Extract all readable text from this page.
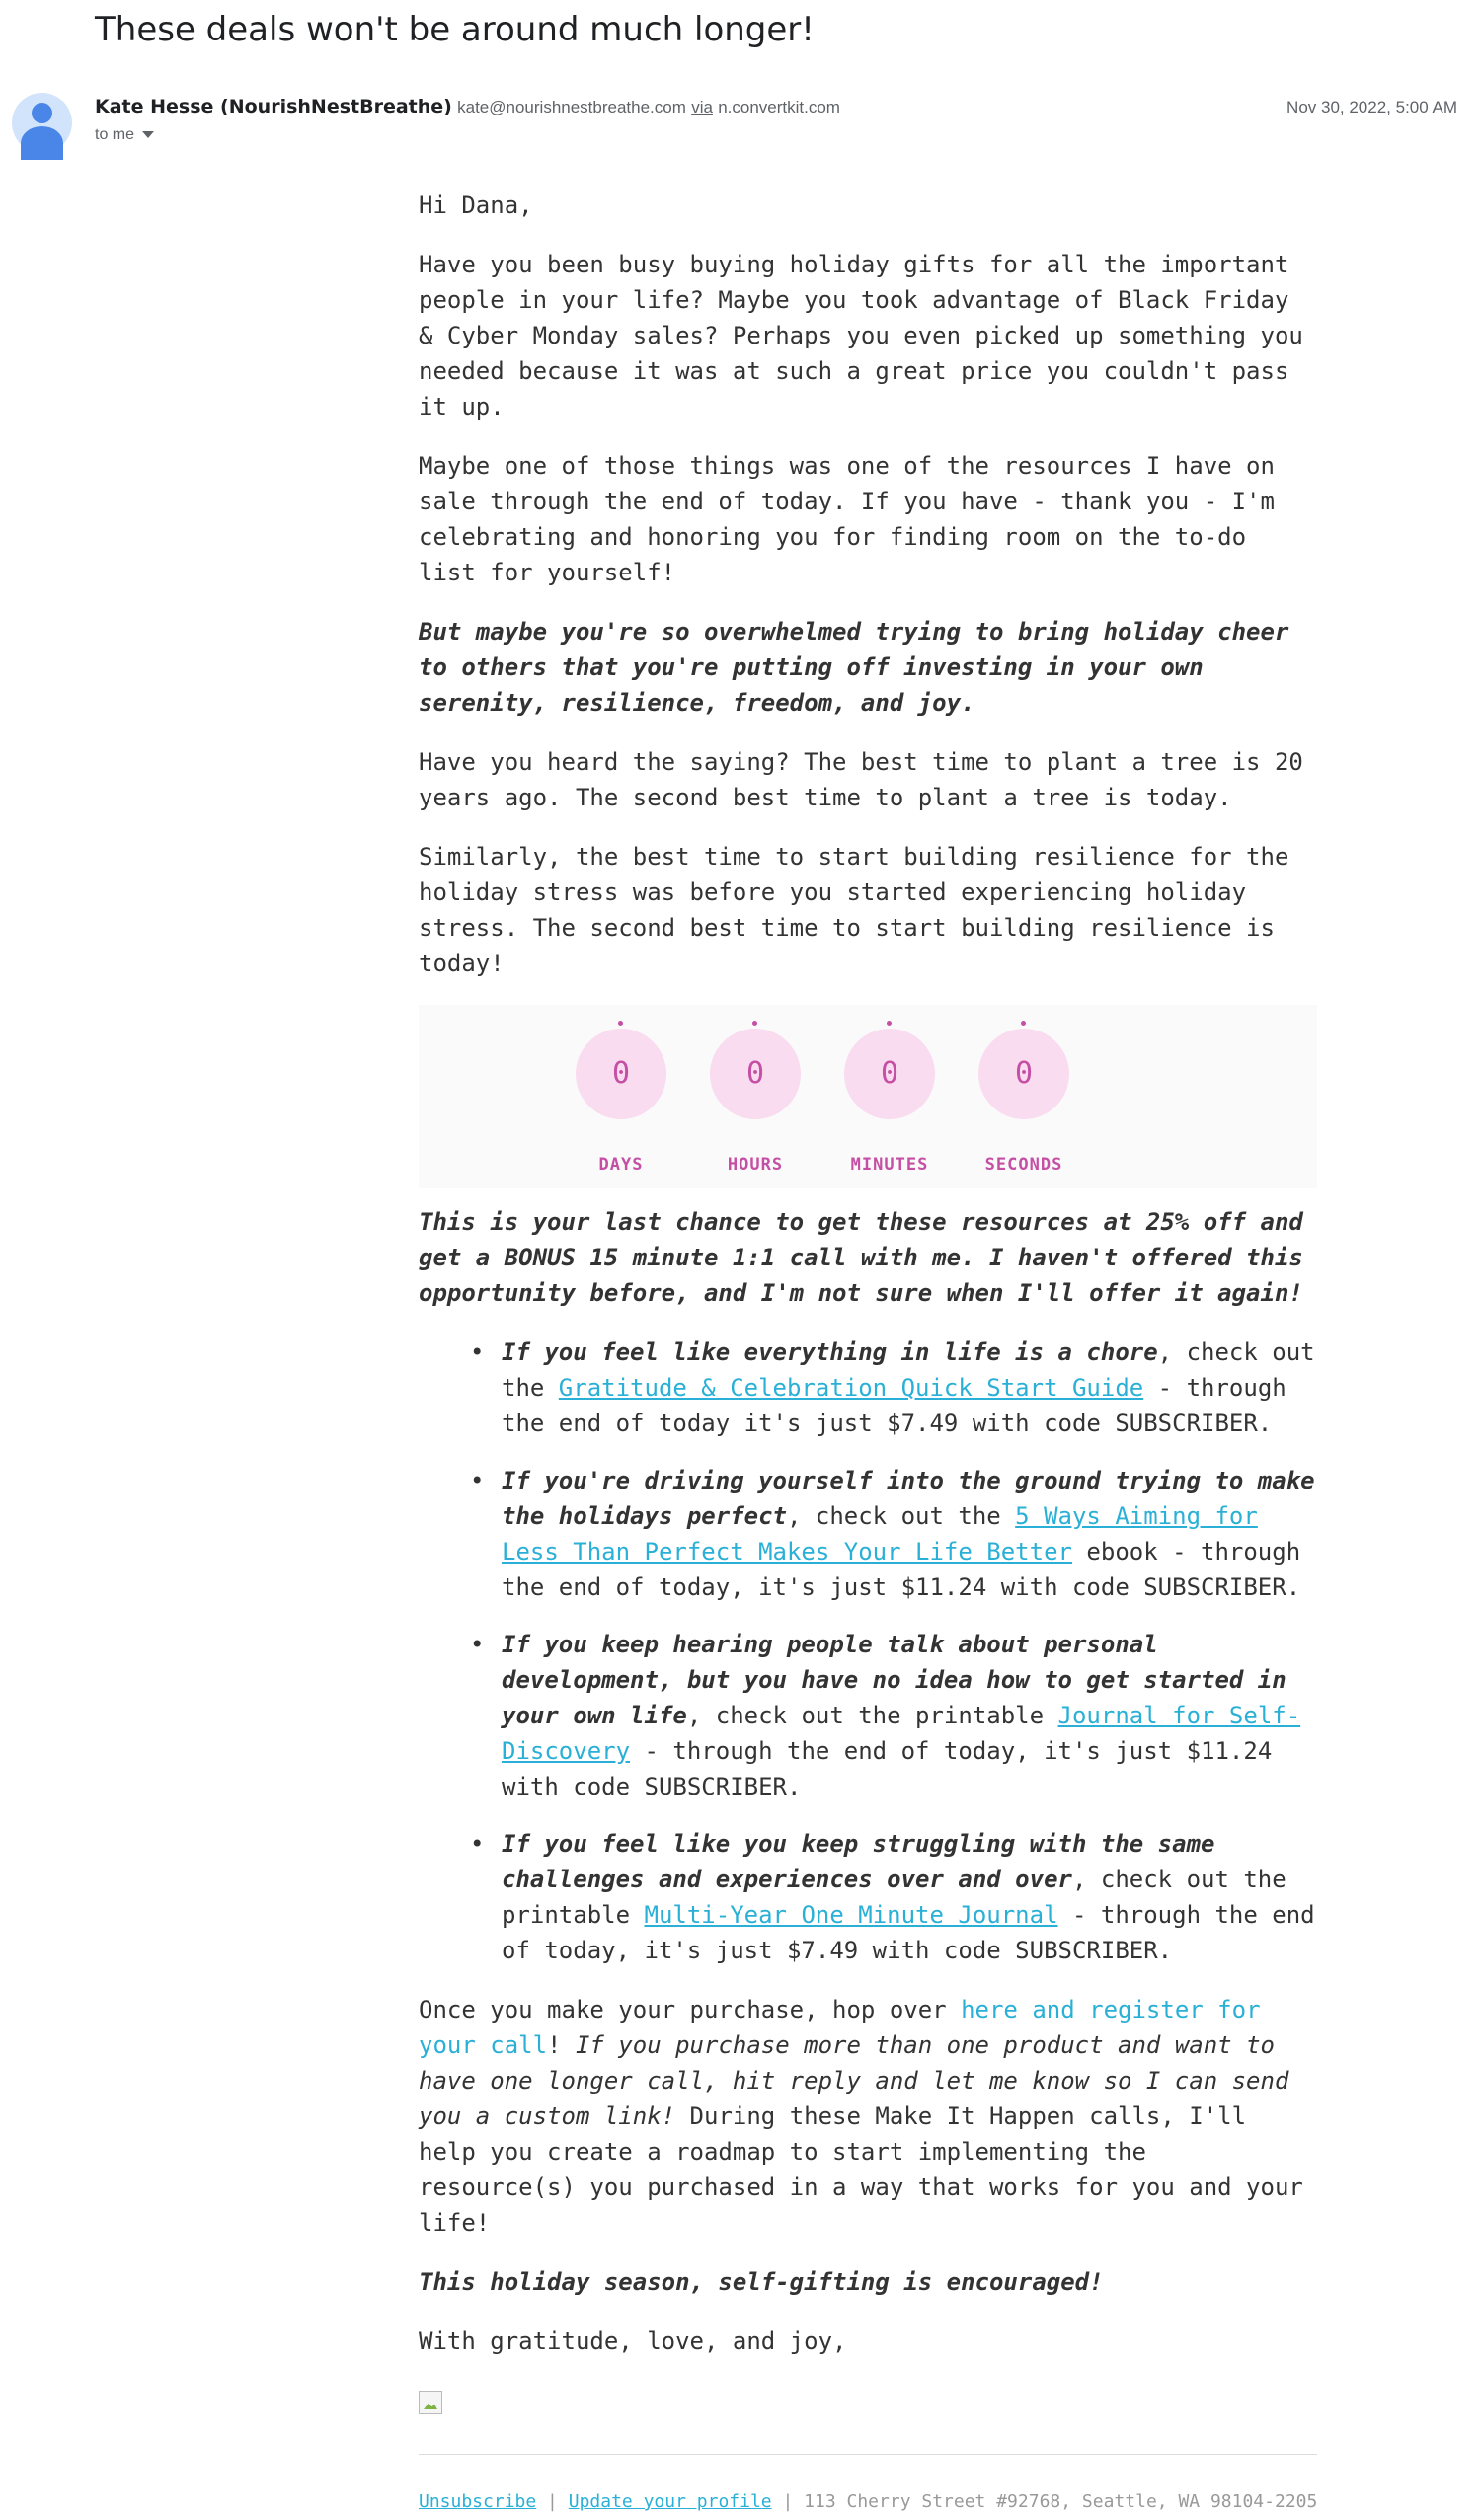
These deals won't be around much longer!
Kate Hesse (NourishNestBreathe) kate@nourishnestbreathe.com via n.convertkit.com
to me
Nov 30, 2022, 5:00 AM

Hi Dana,

Have you been busy buying holiday gifts for all the important people in your life? Maybe you took advantage of Black Friday & Cyber Monday sales? Perhaps you even picked up something you needed because it was at such a great price you couldn't pass it up.

Maybe one of those things was one of the resources I have on sale through the end of today. If you have - thank you - I'm celebrating and honoring you for finding room on the to-do list for yourself!

But maybe you're so overwhelmed trying to bring holiday cheer to others that you're putting off investing in your own serenity, resilience, freedom, and joy.

Have you heard the saying? The best time to plant a tree is 20 years ago. The second best time to plant a tree is today.

Similarly, the best time to start building resilience for the holiday stress was before you started experiencing holiday stress. The second best time to start building resilience is today!

0
DAYS
0
HOURS
0
MINUTES
0
SECONDS

This is your last chance to get these resources at 25% off and get a BONUS 15 minute 1:1 call with me. I haven't offered this opportunity before, and I'm not sure when I'll offer it again!

• If you feel like everything in life is a chore, check out the Gratitude & Celebration Quick Start Guide - through the end of today it's just $7.49 with code SUBSCRIBER.
• If you're driving yourself into the ground trying to make the holidays perfect, check out the 5 Ways Aiming for Less Than Perfect Makes Your Life Better ebook - through the end of today, it's just $11.24 with code SUBSCRIBER.
• If you keep hearing people talk about personal development, but you have no idea how to get started in your own life, check out the printable Journal for Self-Discovery - through the end of today, it's just $11.24 with code SUBSCRIBER.
• If you feel like you keep struggling with the same challenges and experiences over and over, check out the printable Multi-Year One Minute Journal - through the end of today, it's just $7.49 with code SUBSCRIBER.

Once you make your purchase, hop over here and register for your call! If you purchase more than one product and want to have one longer call, hit reply and let me know so I can send you a custom link! During these Make It Happen calls, I'll help you create a roadmap to start implementing the resource(s) you purchased in a way that works for you and your life!

This holiday season, self-gifting is encouraged!

With gratitude, love, and joy,

Unsubscribe | Update your profile | 113 Cherry Street #92768, Seattle, WA 98104-2205
